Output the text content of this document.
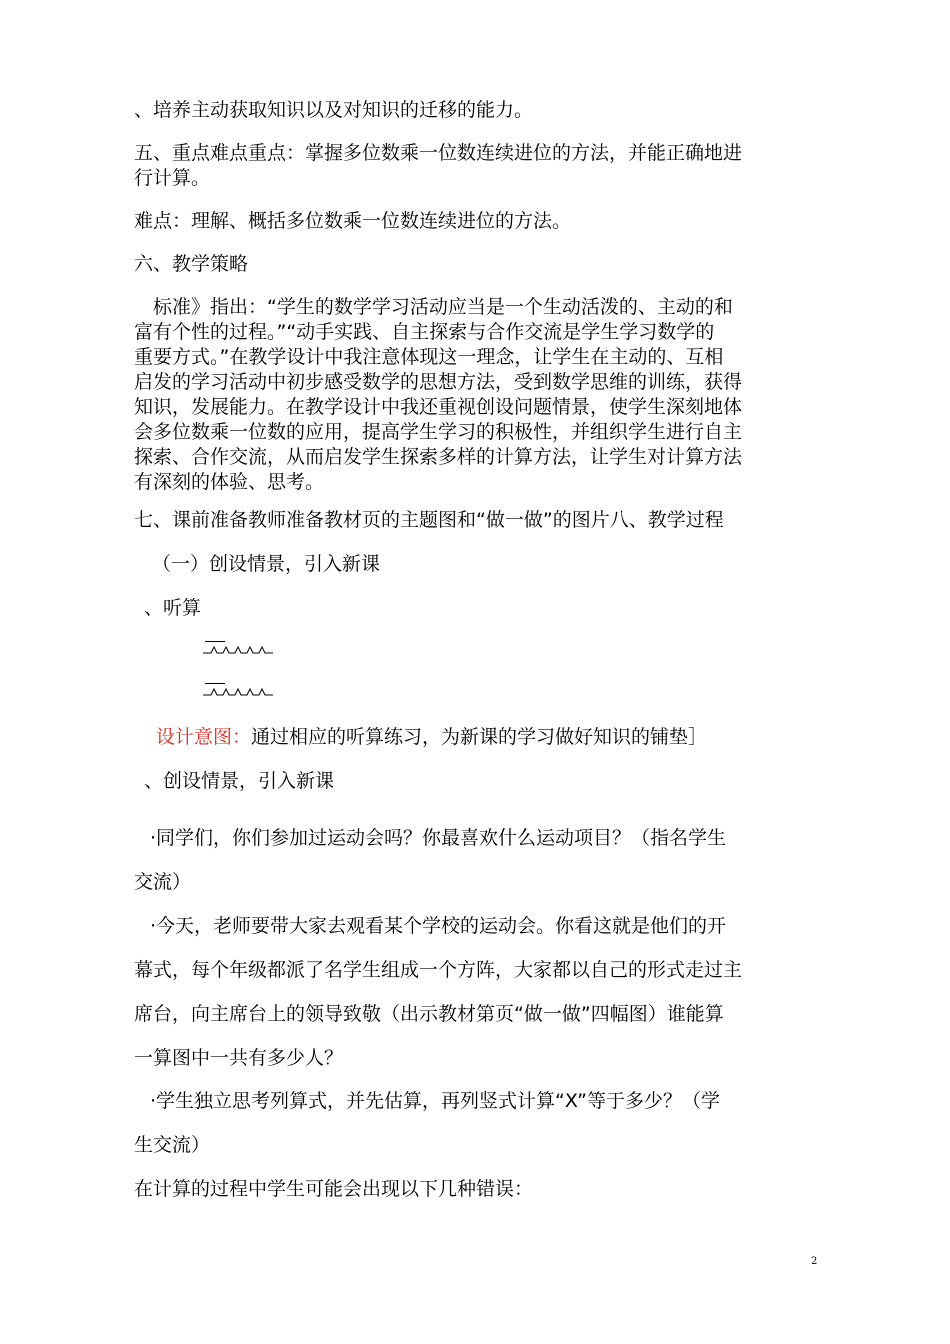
、培养主动获取知识以及对知识的迁移的能力。
五、重点难点重点：掌握多位数乘一位数连续进位的方法，并能正确地进
行计算。
难点：理解、概括多位数乘一位数连续进位的方法。
六、教学策略

　标准》指出：“学生的数学学习活动应当是一个生动活泼的、主动的和

富有个性的过程。”“动手实践、自主探索与合作交流是学生学习数学的

重要方式。”在教学设计中我注意体现这一理念，让学生在主动的、互相

启发的学习活动中初步感受数学的思想方法，受到数学思维的训练，获得

知识，发展能力。在教学设计中我还重视创设问题情景，使学生深刻地体

会多位数乘一位数的应用，提高学生学习的积极性，并组织学生进行自主

探索、合作交流，从而启发学生探索多样的计算方法，让学生对计算方法

有深刻的体验、思考。

七、课前准备教师准备教材页的主题图和“做一做”的图片八、教学过程
（一）创设情景，引入新课
、听算
设计意图：通过相应的听算练习，为新课的学习做好知识的铺垫］
、创设情景，引入新课
·同学们，你们参加过运动会吗？你最喜欢什么运动项目？（指名学生
交流）
·今天，老师要带大家去观看某个学校的运动会。你看这就是他们的开
幕式，每个年级都派了名学生组成一个方阵，大家都以自己的形式走过主
席台，向主席台上的领导致敬（出示教材第页“做一做”四幅图）谁能算
一算图中一共有多少人？
·学生独立思考列算式，并先估算，再列竖式计算“X”等于多少？（学
生交流）
在计算的过程中学生可能会出现以下几种错误：
2
